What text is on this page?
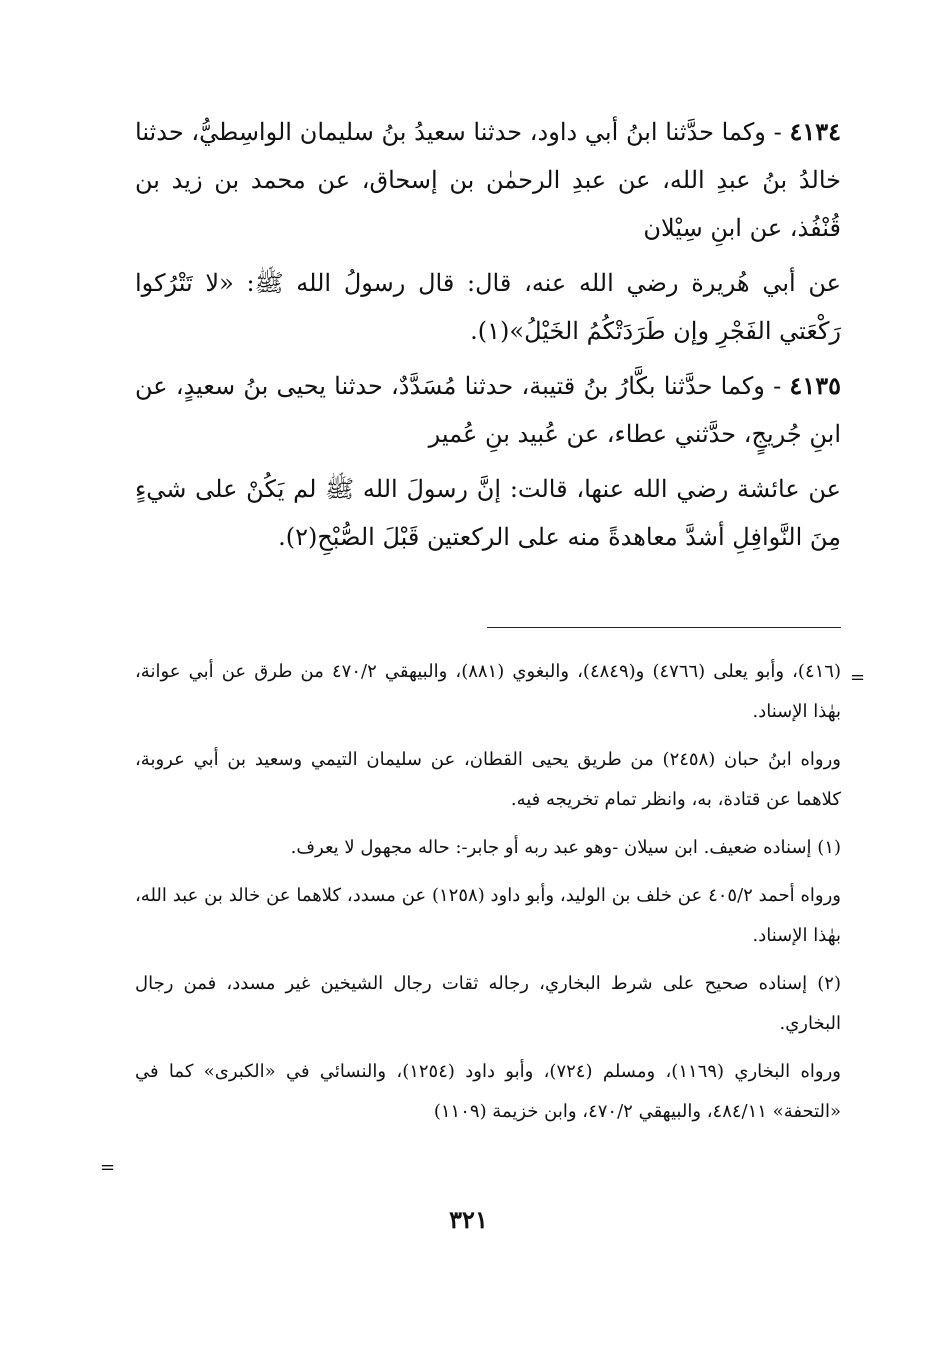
٤١٣٤ - وكما حدَّثنا ابنُ أبي داود، حدثنا سعيدُ بنُ سليمان الواسِطيُّ، حدثنا خالدُ بنُ عبدِ الله، عن عبدِ الرحمٰن بن إسحاق، عن محمد بن زيد بن قُنْفُذ، عن ابنِ سِيْلان

عن أبي هُريرة رضي الله عنه، قال: قال رسولُ الله ﷺ: «لا تَتْرُكوا رَكْعَتي الفَجْرِ وإن طَرَدَتْكُمُ الخَيْلُ»(١).

٤١٣٥ - وكما حدَّثنا بكَّارُ بنُ قتيبة، حدثنا مُسَدَّدٌ، حدثنا يحيى بنُ سعيدٍ، عن ابنِ جُريجٍ، حدَّثني عطاء، عن عُبيد بنِ عُمير

عن عائشة رضي الله عنها، قالت: إنَّ رسولَ الله ﷺ لم يَكُنْ على شيءٍ مِنَ النَّوافِلِ أشدَّ معاهدةً منه على الركعتين قَبْلَ الصُّبْحِ(٢).

=

(٤١٦)، وأبو يعلى (٤٧٦٦) و(٤٨٤٩)، والبغوي (٨٨١)، والبيهقي ٤٧٠/٢ من طرق عن أبي عوانة، بهٰذا الإسناد.

ورواه ابنُ حبان (٢٤٥٨) من طريق يحيى القطان، عن سليمان التيمي وسعيد بن أبي عروبة، كلاهما عن قتادة، به، وانظر تمام تخريجه فيه.

(١) إسناده ضعيف. ابن سيلان -وهو عبد ربه أو جابر-: حاله مجهول لا يعرف.

ورواه أحمد ٤٠٥/٢ عن خلف بن الوليد، وأبو داود (١٢٥٨) عن مسدد، كلاهما عن خالد بن عبد الله، بهٰذا الإسناد.

(٢) إسناده صحيح على شرط البخاري، رجاله ثقات رجال الشيخين غير مسدد، فمن رجال البخاري.

ورواه البخاري (١١٦٩)، ومسلم (٧٢٤)، وأبو داود (١٢٥٤)، والنسائي في «الكبرى» كما في «التحفة» ٤٨٤/١١، والبيهقي ٤٧٠/٢، وابن خزيمة (١١٠٩)

=
٣٢١
